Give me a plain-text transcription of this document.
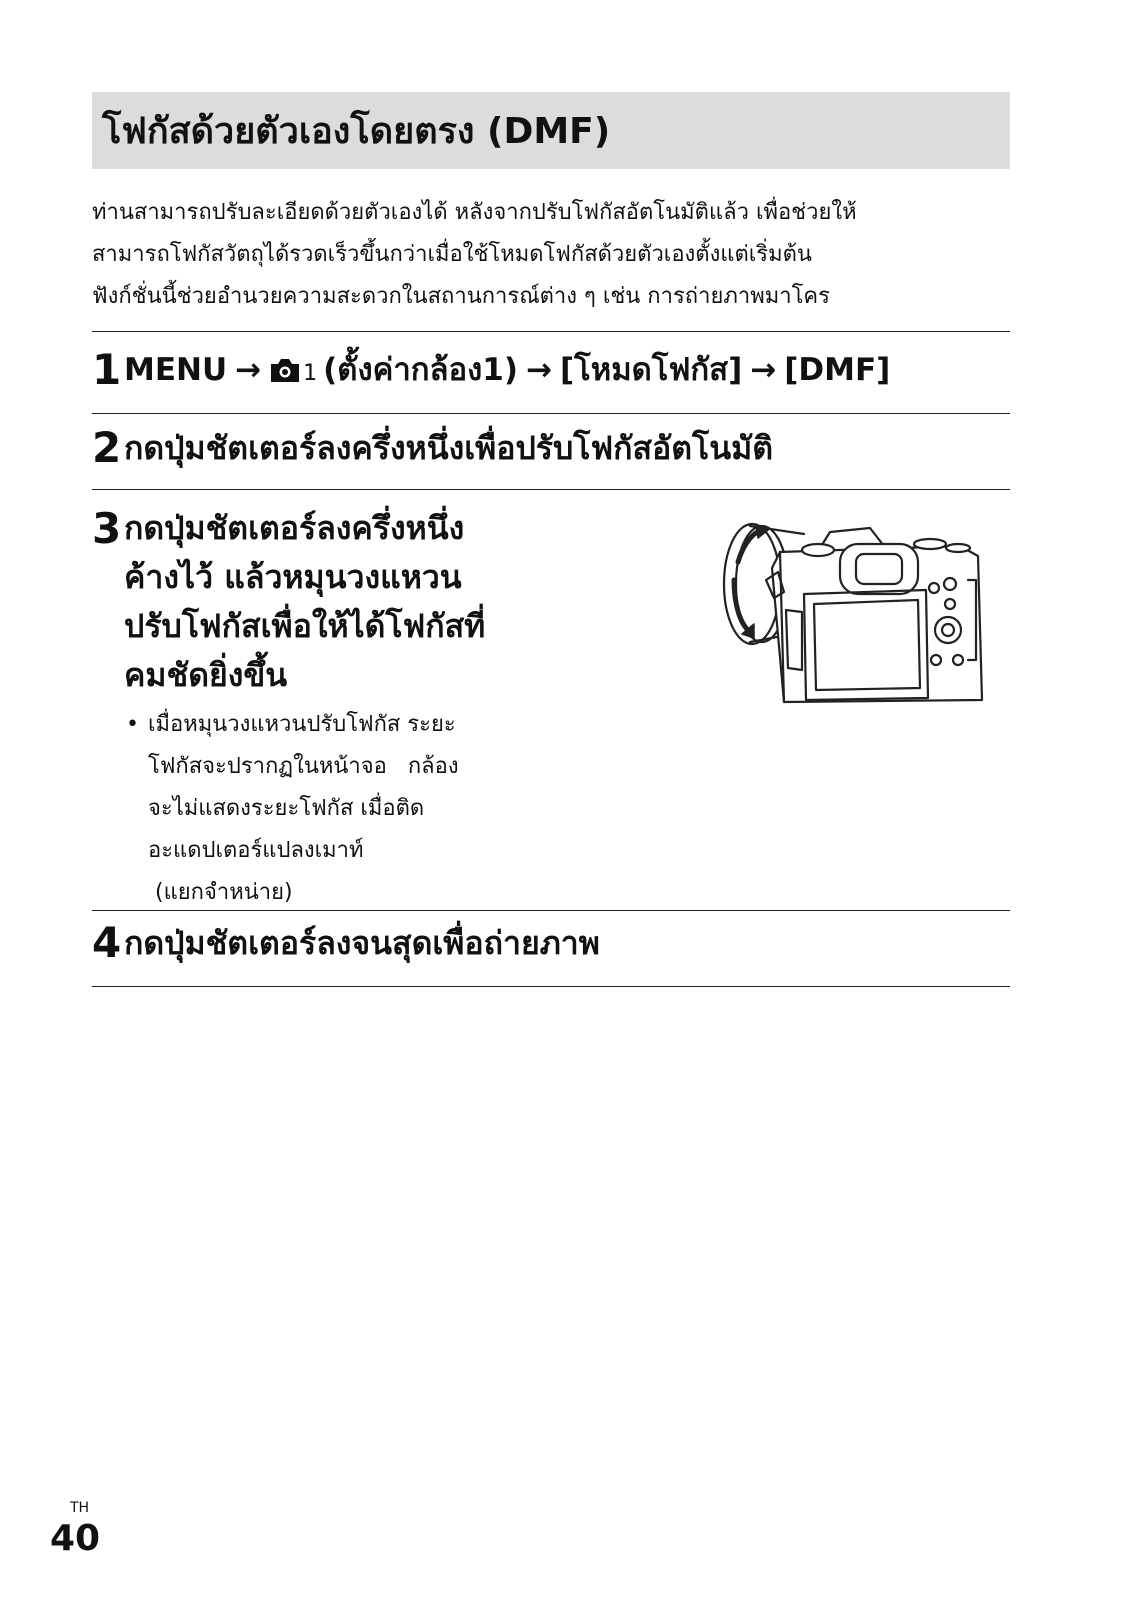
โฟกัสด้วยตัวเองโดยตรง (DMF)
ท่านสามารถปรับละเอียดด้วยตัวเองได้ หลังจากปรับโฟกัสอัตโนมัติแล้ว เพื่อช่วยให้
สามารถโฟกัสวัตถุได้รวดเร็วขึ้นกว่าเมื่อใช้โหมดโฟกัสด้วยตัวเองตั้งแต่เริ่มต้น
ฟังก์ชั่นนี้ช่วยอำนวยความสะดวกในสถานการณ์ต่าง ๆ เช่น การถ่ายภาพมาโคร
1 MENU → 1 (ตั้งค่ากล้อง1) → [โหมดโฟกัส] → [DMF]
2 กดปุ่มชัตเตอร์ลงครึ่งหนึ่งเพื่อปรับโฟกัสอัตโนมัติ
3 กดปุ่มชัตเตอร์ลงครึ่งหนึ่ง
ค้างไว้ แล้วหมุนวงแหวน
ปรับโฟกัสเพื่อให้ได้โฟกัสที่
คมชัดยิ่งขึ้น
• เมื่อหมุนวงแหวนปรับโฟกัส ระยะ
โฟกัสจะปรากฏในหน้าจอ   กล้อง
จะไม่แสดงระยะโฟกัส เมื่อติด
อะแดปเตอร์แปลงเมาท์
(แยกจำหน่าย)
4 กดปุ่มชัตเตอร์ลงจนสุดเพื่อถ่ายภาพ
TH
40
